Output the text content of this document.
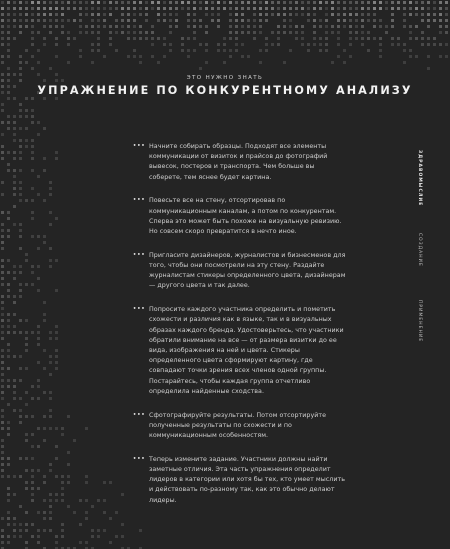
ЭТО НУЖНО ЗНАТЬ
УПРАЖНЕНИЕ ПО КОНКУРЕНТНОМУ АНАЛИЗУ
••• Начните собирать образцы. Подходят все элементы коммуникации от визиток и прайсов до фотографий вывесок, постеров и транспорта. Чем больше вы соберете, тем яснее будет картина.
••• Повесьте все на стену, отсортировав по коммуникационным каналам, а потом по конкурентам. Сперва это может быть похоже на визуальную ревизию. Но совсем скоро превратится в нечто иное.
••• Пригласите дизайнеров, журналистов и бизнесменов для того, чтобы они посмотрели на эту стену. Раздайте журналистам стикеры определенного цвета, дизайнерам — другого цвета и так далее.
••• Попросите каждого участника определить и пометить схожести и различия как в языке, так и в визуальных образах каждого бренда. Удостоверьтесь, что участники обратили внимание на все — от размера визитки до ее вида, изображения на ней и цвета. Стикеры определенного цвета сформируют картину, где совпадают точки зрения всех членов одной группы. Постарайтесь, чтобы каждая группа отчетливо определила найденные сходства.
••• Сфотографируйте результаты. Потом отсортируйте полученные результаты по схожести и по коммуникационным особенностям.
••• Теперь измените задание. Участники должны найти заметные отличия. Эта часть упражнения определит лидеров в категории или хотя бы тех, кто умеет мыслить и действовать по-разному так, как это обычно делают лидеры.
ЗДРАВОМЫСЛИЕ
СОЗДАНИЕ
ПРИМЕНЕНИЕ
